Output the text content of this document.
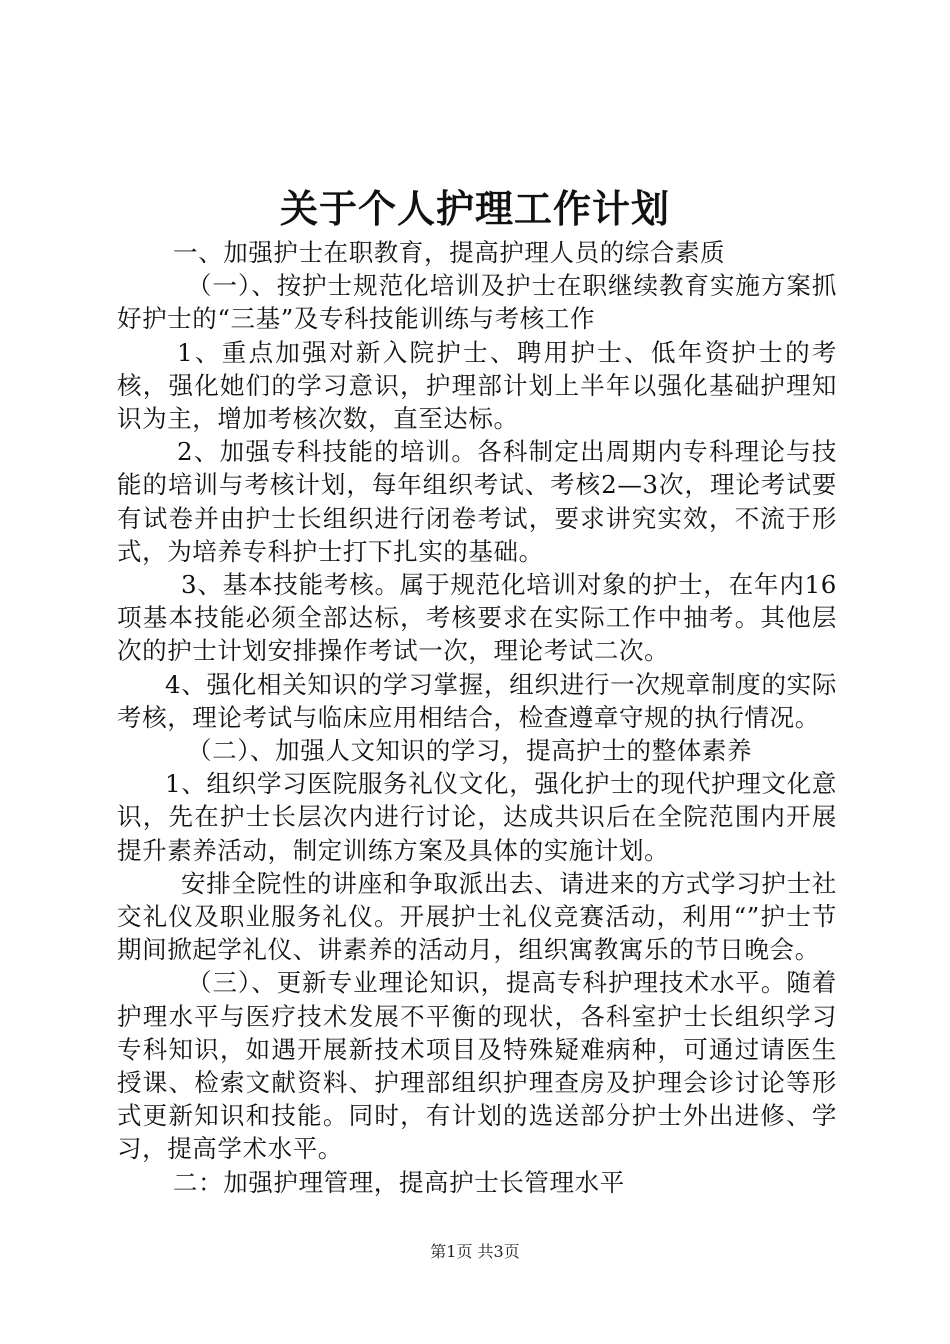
关于个人护理工作计划

一、加强护士在职教育，提高护理人员的综合素质

（一）、按护士规范化培训及护士在职继续教育实施方案抓好护士的“三基”及专科技能训练与考核工作

1、重点加强对新入院护士、聘用护士、低年资护士的考核，强化她们的学习意识，护理部计划上半年以强化基础护理知识为主，增加考核次数，直至达标。

2、加强专科技能的培训。各科制定出周期内专科理论与技能的培训与考核计划，每年组织考试、考核2—3次，理论考试要有试卷并由护士长组织进行闭卷考试，要求讲究实效，不流于形式，为培养专科护士打下扎实的基础。

3、基本技能考核。属于规范化培训对象的护士，在年内16项基本技能必须全部达标，考核要求在实际工作中抽考。其他层次的护士计划安排操作考试一次，理论考试二次。

4、强化相关知识的学习掌握，组织进行一次规章制度的实际考核，理论考试与临床应用相结合，检查遵章守规的执行情况。

（二）、加强人文知识的学习，提高护士的整体素养

1、组织学习医院服务礼仪文化，强化护士的现代护理文化意识，先在护士长层次内进行讨论，达成共识后在全院范围内开展提升素养活动，制定训练方案及具体的实施计划。

安排全院性的讲座和争取派出去、请进来的方式学习护士社交礼仪及职业服务礼仪。开展护士礼仪竞赛活动，利用“”护士节期间掀起学礼仪、讲素养的活动月，组织寓教寓乐的节日晚会。

（三）、更新专业理论知识，提高专科护理技术水平。随着护理水平与医疗技术发展不平衡的现状，各科室护士长组织学习专科知识，如遇开展新技术项目及特殊疑难病种，可通过请医生授课、检索文献资料、护理部组织护理查房及护理会诊讨论等形式更新知识和技能。同时，有计划的选送部分护士外出进修、学习，提高学术水平。

二：加强护理管理，提高护士长管理水平

第1页 共3页
